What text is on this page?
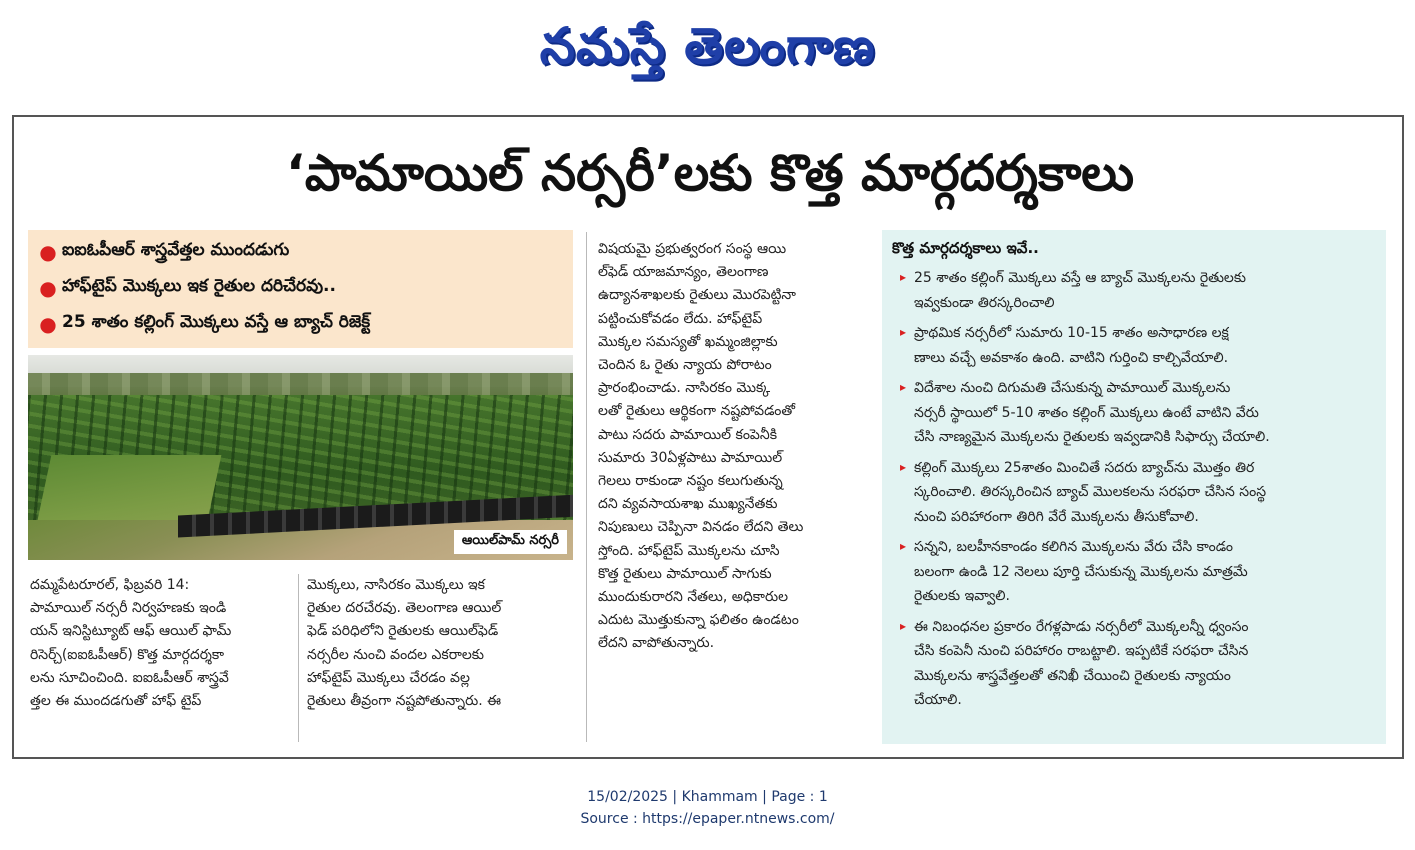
నమస్తే తెలంగాణ
‘పామాయిల్ నర్సరీ’లకు కొత్త మార్గదర్శకాలు
● ఐఐఓపీఆర్ శాస్త్రవేత్తల ముందడుగు
● హాఫ్‌టైప్ మొక్కలు ఇక రైతుల దరిచేరవు..
● 25 శాతం కల్లింగ్ మొక్కలు వస్తే ఆ బ్యాచ్ రిజెక్ట్
ఆయిల్‌పామ్ నర్సరీ
దమ్మపేటరూరల్, ఫిబ్రవరి 14:
పామాయిల్ నర్సరీ నిర్వహణకు ఇండి
యన్ ఇనిస్టిట్యూట్ ఆఫ్ ఆయిల్ ఫామ్
రిసెర్చ్(ఐఐఓపీఆర్) కొత్త మార్గదర్శకా
లను సూచించింది. ఐఐఓపీఆర్ శాస్త్రవే
త్తల ఈ ముందడగుతో హాఫ్ టైప్
మొక్కలు, నాసిరకం మొక్కలు ఇక
రైతుల దరచేరవు. తెలంగాణ ఆయిల్
ఫెడ్ పరిధిలోని రైతులకు ఆయిల్‌ఫెడ్
నర్సరీల నుంచి వందల ఎకరాలకు
హాఫ్‌టైప్ మొక్కలు చేరడం వల్ల
రైతులు తీవ్రంగా నష్టపోతున్నారు. ఈ
విషయమై ప్రభుత్వరంగ సంస్థ ఆయి
ల్‌ఫెడ్ యాజమాన్యం, తెలంగాణ
ఉద్యానశాఖలకు రైతులు మొరపెట్టినా
పట్టించుకోవడం లేదు. హాఫ్‌టైప్
మొక్కల సమస్యతో ఖమ్మంజిల్లాకు
చెందిన ఓ రైతు న్యాయ పోరాటం
ప్రారంభించాడు. నాసిరకం మొక్క
లతో రైతులు ఆర్థికంగా నష్టపోవడంతో
పాటు సదరు పామాయిల్ కంపెనీకి
సుమారు 30ఏళ్లపాటు పామాయిల్
గెలలు రాకుండా నష్టం కలుగుతున్న
దని వ్యవసాయశాఖ ముఖ్యనేతకు
నిపుణులు చెప్పినా వినడం లేదని తెలు
స్తోంది. హాఫ్‌టైప్ మొక్కలను చూసి
కొత్త రైతులు పామాయిల్ సాగుకు
ముందుకురారని నేతలు, అధికారుల
ఎదుట మొత్తుకున్నా ఫలితం ఉండటం
లేదని వాపోతున్నారు.
కొత్త మార్గదర్శకాలు ఇవే..
▸ 25 శాతం కల్లింగ్ మొక్కలు వస్తే ఆ బ్యాచ్ మొక్కలను రైతులకు
ఇవ్వకుండా తిరస్కరించాలి
▸ ప్రాథమిక నర్సరీలో సుమారు 10-15 శాతం అసాధారణ లక్ష
ణాలు వచ్చే అవకాశం ఉంది. వాటిని గుర్తించి కాల్చివేయాలి.
▸ విదేశాల నుంచి దిగుమతి చేసుకున్న పామాయిల్ మొక్కలను
నర్సరీ స్థాయిలో 5-10 శాతం కల్లింగ్ మొక్కలు ఉంటే వాటిని వేరు
చేసి నాణ్యమైన మొక్కలను రైతులకు ఇవ్వడానికి సిఫార్సు చేయాలి.
▸ కల్లింగ్ మొక్కలు 25శాతం మించితే సదరు బ్యాచ్‌ను మొత్తం తిర
స్కరించాలి. తిరస్కరించిన బ్యాచ్ మొలకలను సరఫరా చేసిన సంస్థ
నుంచి పరిహారంగా తిరిగి వేరే మొక్కలను తీసుకోవాలి.
▸ సన్నని, బలహీనకాండం కలిగిన మొక్కలను వేరు చేసి కాండం
బలంగా ఉండి 12 నెలలు పూర్తి చేసుకున్న మొక్కలను మాత్రమే
రైతులకు ఇవ్వాలి.
▸ ఈ నిబంధనల ప్రకారం రేగళ్లపాడు నర్సరీలో మొక్కలన్నీ ధ్వంసం
చేసి కంపెనీ నుంచి పరిహారం రాబట్టాలి. ఇప్పటికే సరఫరా చేసిన
మొక్కలను శాస్త్రవేత్తలతో తనిఖీ చేయించి రైతులకు న్యాయం
చేయాలి.
15/02/2025 | Khammam | Page : 1
Source : https://epaper.ntnews.com/
